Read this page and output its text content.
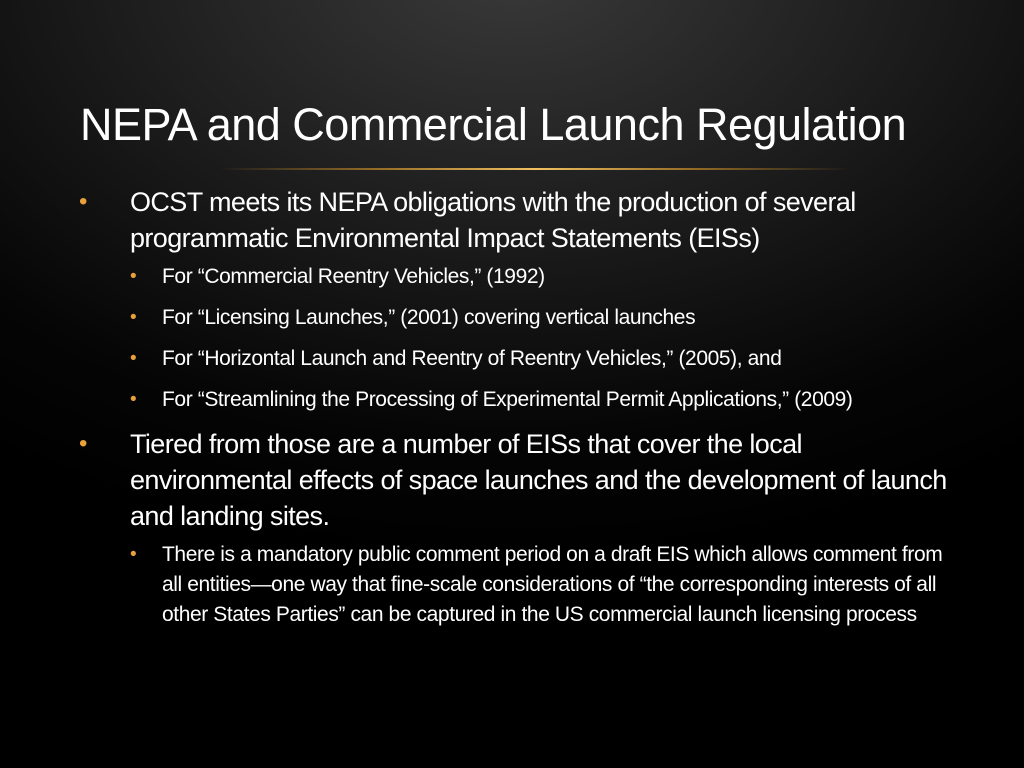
NEPA and Commercial Launch Regulation
• OCST meets its NEPA obligations with the production of several programmatic Environmental Impact Statements (EISs)
• For “Commercial Reentry Vehicles,” (1992)
• For “Licensing Launches,” (2001) covering vertical launches
• For “Horizontal Launch and Reentry of Reentry Vehicles,” (2005), and
• For “Streamlining the Processing of Experimental Permit Applications,” (2009)
• Tiered from those are a number of EISs that cover the local environmental effects of space launches and the development of launch and landing sites.
• There is a mandatory public comment period on a draft EIS which allows comment from all entities—one way that fine-scale considerations of “the corresponding interests of all other States Parties” can be captured in the US commercial launch licensing process
